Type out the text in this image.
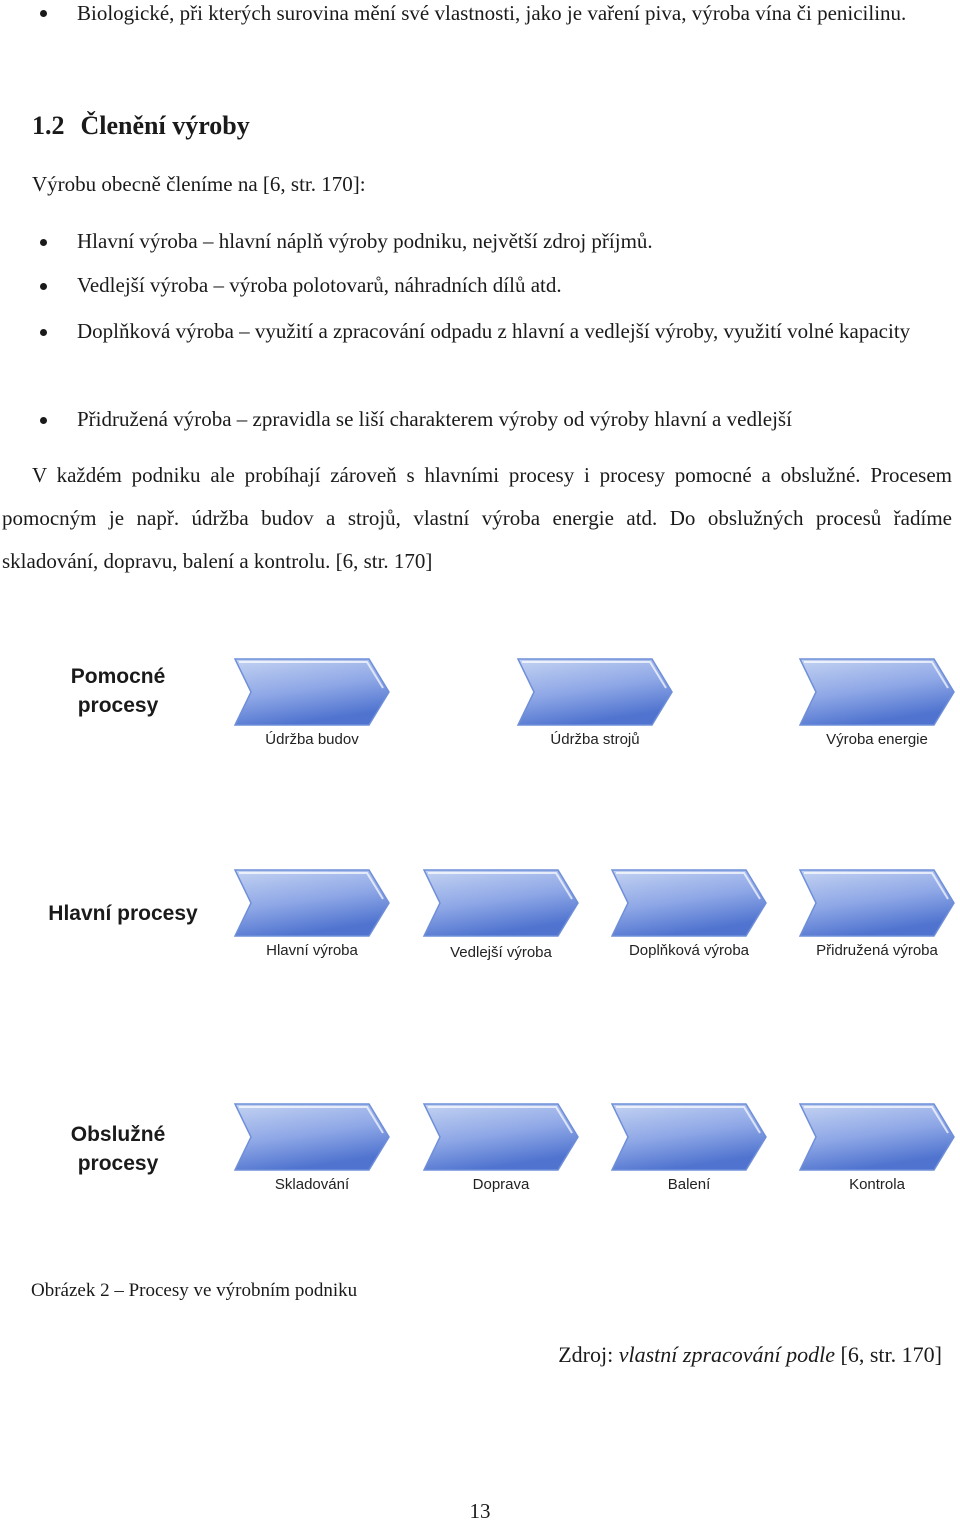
Biologické, při kterých surovina mění své vlastnosti, jako je vaření piva, výroba vína či penicilinu.
1.2 Členění výroby
Výrobu obecně členíme na [6, str. 170]:
Hlavní výroba – hlavní náplň výroby podniku, největší zdroj příjmů.
Vedlejší výroba – výroba polotovarů, náhradních dílů atd.
Doplňková výroba – využití a zpracování odpadu z hlavní a vedlejší výroby, využití volné kapacity
Přidružená výroba – zpravidla se liší charakterem výroby od výroby hlavní a vedlejší
V každém podniku ale probíhají zároveň s hlavními procesy i procesy pomocné a obslužné. Procesem pomocným je např. údržba budov a strojů, vlastní výroba energie atd. Do obslužných procesů řadíme skladování, dopravu, balení a kontrolu. [6, str. 170]
Pomocné
procesy
Hlavní procesy
Obslužné
procesy
Údržba budov	Údržba strojů	Výroba energie
Hlavní výroba	Vedlejší výroba	Doplňková výroba	Přidružená výroba
Skladování	Doprava	Balení	Kontrola
Obrázek 2 – Procesy ve výrobním podniku
Zdroj: vlastní zpracování podle [6, str. 170]
13
